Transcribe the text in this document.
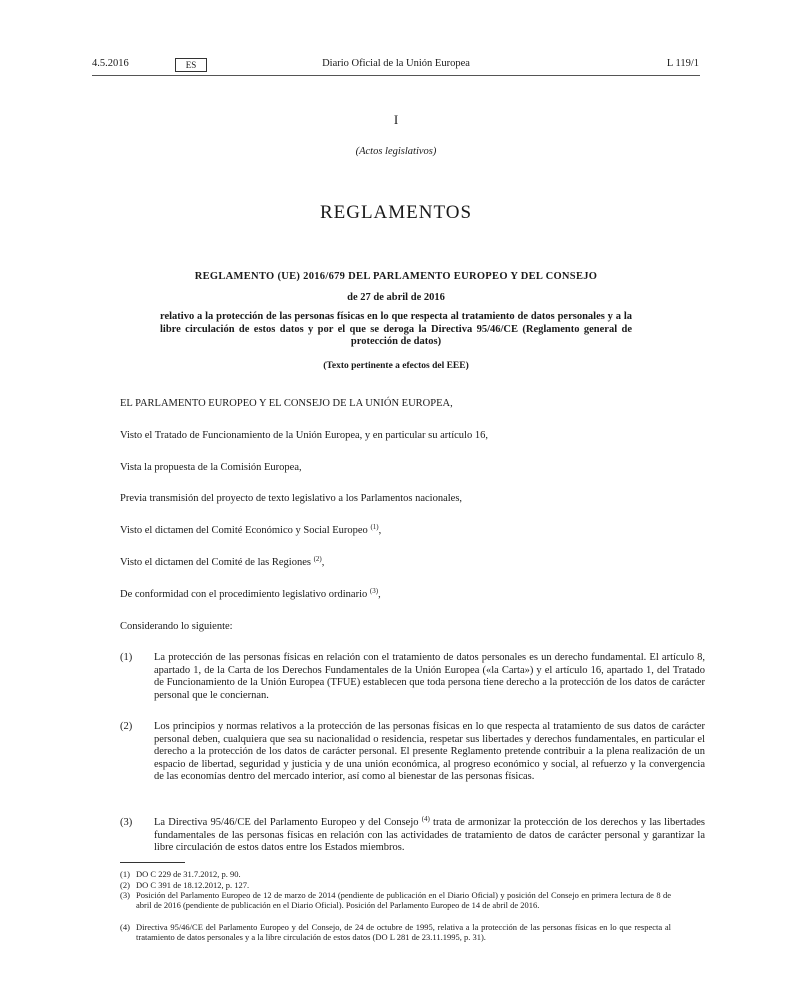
4.5.2016	ES	Diario Oficial de la Unión Europea	L 119/1
I
(Actos legislativos)
REGLAMENTOS
REGLAMENTO (UE) 2016/679 DEL PARLAMENTO EUROPEO Y DEL CONSEJO
de 27 de abril de 2016
relativo a la protección de las personas físicas en lo que respecta al tratamiento de datos personales y a la libre circulación de estos datos y por el que se deroga la Directiva 95/46/CE (Reglamento general de protección de datos)
(Texto pertinente a efectos del EEE)
EL PARLAMENTO EUROPEO Y EL CONSEJO DE LA UNIÓN EUROPEA,
Visto el Tratado de Funcionamiento de la Unión Europea, y en particular su artículo 16,
Vista la propuesta de la Comisión Europea,
Previa transmisión del proyecto de texto legislativo a los Parlamentos nacionales,
Visto el dictamen del Comité Económico y Social Europeo $^{(1)}$,
Visto el dictamen del Comité de las Regiones $^{(2)}$,
De conformidad con el procedimiento legislativo ordinario $^{(3)}$,
Considerando lo siguiente:
(1)	La protección de las personas físicas en relación con el tratamiento de datos personales es un derecho fundamental. El artículo 8, apartado 1, de la Carta de los Derechos Fundamentales de la Unión Europea («la Carta») y el artículo 16, apartado 1, del Tratado de Funcionamiento de la Unión Europea (TFUE) establecen que toda persona tiene derecho a la protección de los datos de carácter personal que le conciernan.
(2)	Los principios y normas relativos a la protección de las personas físicas en lo que respecta al tratamiento de sus datos de carácter personal deben, cualquiera que sea su nacionalidad o residencia, respetar sus libertades y derechos fundamentales, en particular el derecho a la protección de los datos de carácter personal. El presente Reglamento pretende contribuir a la plena realización de un espacio de libertad, seguridad y justicia y de una unión económica, al progreso económico y social, al refuerzo y la convergencia de las economías dentro del mercado interior, así como al bienestar de las personas físicas.
(3)	La Directiva 95/46/CE del Parlamento Europeo y del Consejo $^{(4)}$ trata de armonizar la protección de los derechos y las libertades fundamentales de las personas físicas en relación con las actividades de tratamiento de datos de carácter personal y garantizar la libre circulación de estos datos entre los Estados miembros.
(1) DO C 229 de 31.7.2012, p. 90.
(2) DO C 391 de 18.12.2012, p. 127.
(3) Posición del Parlamento Europeo de 12 de marzo de 2014 (pendiente de publicación en el Diario Oficial) y posición del Consejo en primera lectura de 8 de abril de 2016 (pendiente de publicación en el Diario Oficial). Posición del Parlamento Europeo de 14 de abril de 2016.
(4) Directiva 95/46/CE del Parlamento Europeo y del Consejo, de 24 de octubre de 1995, relativa a la protección de las personas físicas en lo que respecta al tratamiento de datos personales y a la libre circulación de estos datos (DO L 281 de 23.11.1995, p. 31).
